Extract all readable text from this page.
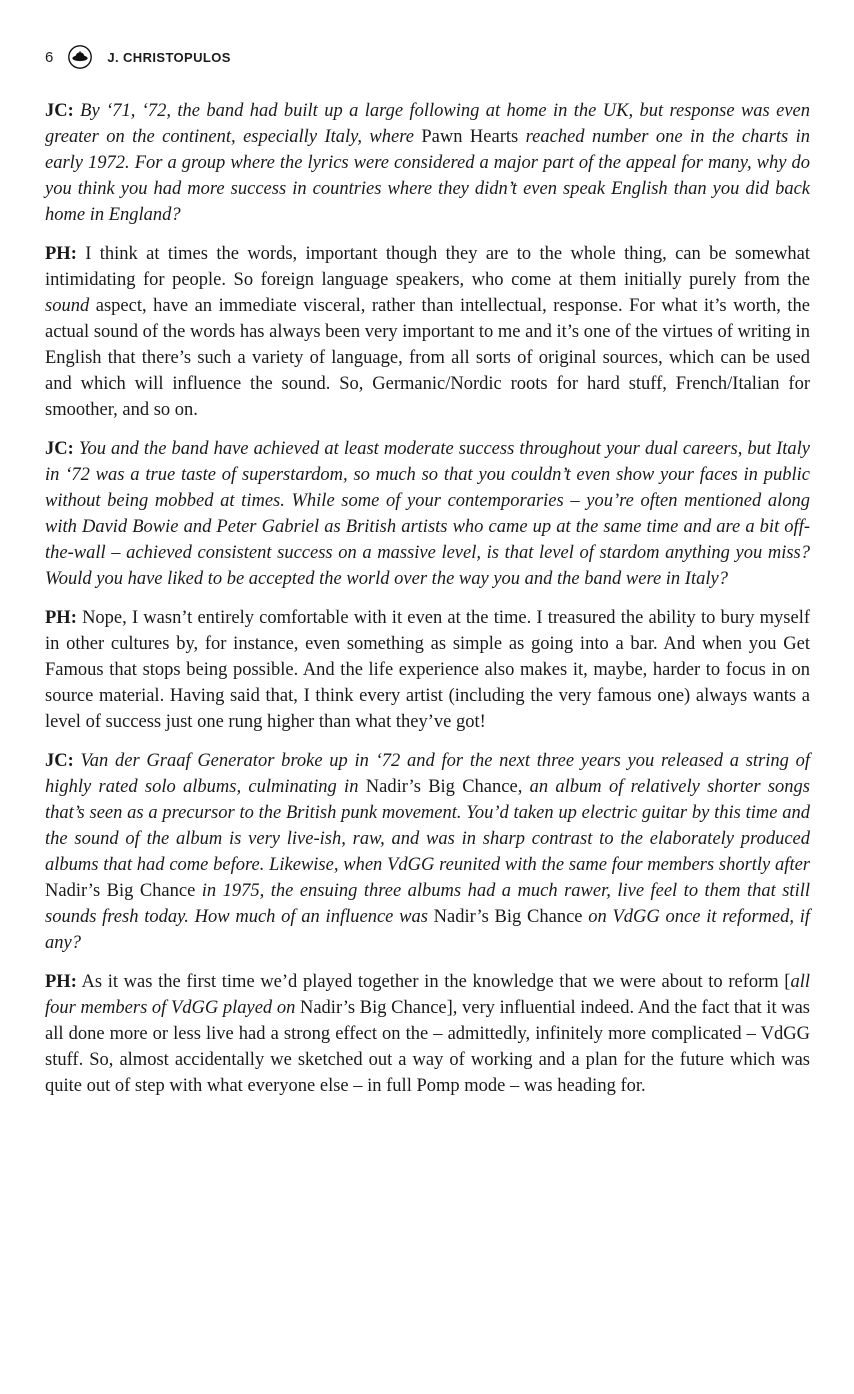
6	J. CHRISTOPULOS

JC: By ‘71, ‘72, the band had built up a large following at home in the UK, but response was even greater on the continent, especially Italy, where Pawn Hearts reached number one in the charts in early 1972. For a group where the lyrics were considered a major part of the appeal for many, why do you think you had more success in countries where they didn’t even speak English than you did back home in England?

PH: I think at times the words, important though they are to the whole thing, can be somewhat intimidating for people. So foreign language speakers, who come at them initially purely from the sound aspect, have an immediate visceral, rather than intellectual, response. For what it’s worth, the actual sound of the words has always been very important to me and it’s one of the virtues of writing in English that there’s such a variety of language, from all sorts of original sources, which can be used and which will influence the sound. So, Germanic/Nordic roots for hard stuff, French/Italian for smoother, and so on.

JC: You and the band have achieved at least moderate success throughout your dual careers, but Italy in ‘72 was a true taste of superstardom, so much so that you couldn’t even show your faces in public without being mobbed at times. While some of your contemporaries – you’re often mentioned along with David Bowie and Peter Gabriel as British artists who came up at the same time and are a bit off-the-wall – achieved consistent success on a massive level, is that level of stardom anything you miss? Would you have liked to be accepted the world over the way you and the band were in Italy?

PH: Nope, I wasn’t entirely comfortable with it even at the time. I treasured the ability to bury myself in other cultures by, for instance, even something as simple as going into a bar. And when you Get Famous that stops being possible. And the life experience also makes it, maybe, harder to focus in on source material. Having said that, I think every artist (including the very famous one) always wants a level of success just one rung higher than what they’ve got!

JC: Van der Graaf Generator broke up in ‘72 and for the next three years you released a string of highly rated solo albums, culminating in Nadir’s Big Chance, an album of relatively shorter songs that’s seen as a precursor to the British punk movement. You’d taken up electric guitar by this time and the sound of the album is very live-ish, raw, and was in sharp contrast to the elaborately produced albums that had come before. Likewise, when VdGG reunited with the same four members shortly after Nadir’s Big Chance in 1975, the ensuing three albums had a much rawer, live feel to them that still sounds fresh today. How much of an influence was Nadir’s Big Chance on VdGG once it reformed, if any?

PH: As it was the first time we’d played together in the knowledge that we were about to reform [all four members of VdGG played on Nadir’s Big Chance], very influential indeed. And the fact that it was all done more or less live had a strong effect on the – admittedly, infinitely more complicated – VdGG stuff. So, almost accidentally we sketched out a way of working and a plan for the future which was quite out of step with what everyone else – in full Pomp mode – was heading for.
